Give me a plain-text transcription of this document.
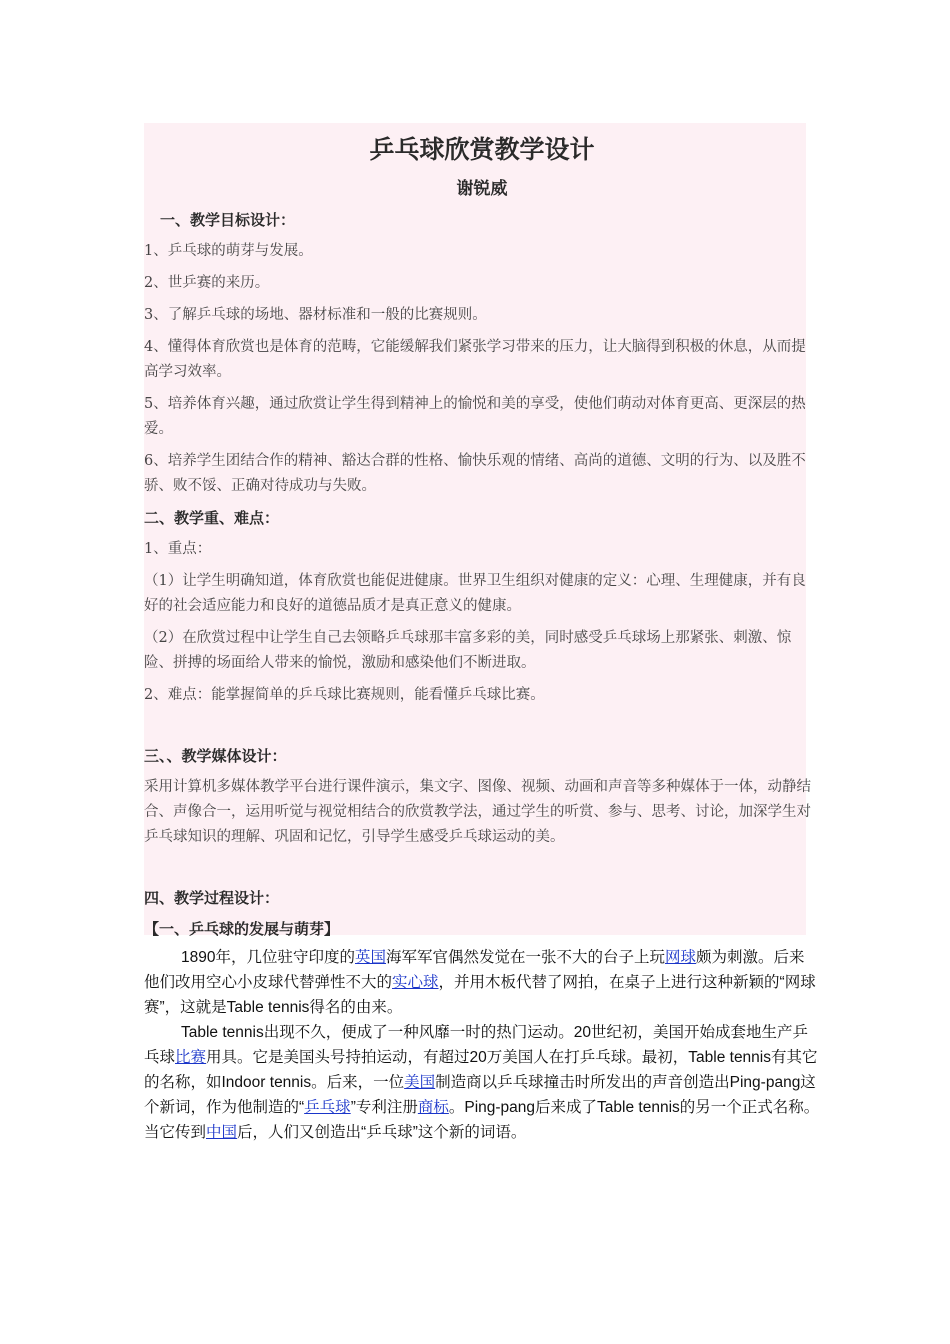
乒乓球欣赏教学设计
谢锐威
一、教学目标设计：
1、乒乓球的萌芽与发展。
2、世乒赛的来历。
3、了解乒乓球的场地、器材标准和一般的比赛规则。
4、懂得体育欣赏也是体育的范畴，它能缓解我们紧张学习带来的压力，让大脑得到积极的休息，从而提高学习效率。
5、培养体育兴趣，通过欣赏让学生得到精神上的愉悦和美的享受，使他们萌动对体育更高、更深层的热爱。
6、培养学生团结合作的精神、豁达合群的性格、愉快乐观的情绪、高尚的道德、文明的行为、以及胜不骄、败不馁、正确对待成功与失败。
二、教学重、难点：
1、重点：
（1）让学生明确知道，体育欣赏也能促进健康。世界卫生组织对健康的定义：心理、生理健康，并有良好的社会适应能力和良好的道德品质才是真正意义的健康。
（2）在欣赏过程中让学生自己去领略乒乓球那丰富多彩的美，同时感受乒乓球场上那紧张、刺激、惊险、拼搏的场面给人带来的愉悦，激励和感染他们不断进取。
2、难点：能掌握简单的乒乓球比赛规则，能看懂乒乓球比赛。
三、、教学媒体设计：
采用计算机多媒体教学平台进行课件演示，集文字、图像、视频、动画和声音等多种媒体于一体，动静结合、声像合一，运用听觉与视觉相结合的欣赏教学法，通过学生的听赏、参与、思考、讨论，加深学生对乒乓球知识的理解、巩固和记忆，引导学生感受乒乓球运动的美。
四、教学过程设计：
【一、乒乓球的发展与萌芽】
1890年，几位驻守印度的英国海军军官偶然发觉在一张不大的台子上玩网球颇为刺激。后来他们改用空心小皮球代替弹性不大的实心球，并用木板代替了网拍，在桌子上进行这种新颖的“网球赛”，这就是Table tennis得名的由来。
Table tennis出现不久，便成了一种风靡一时的热门运动。20世纪初，美国开始成套地生产乒乓球比赛用具。它是美国头号持拍运动，有超过20万美国人在打乒乓球。最初，Table tennis有其它的名称，如Indoor tennis。后来，一位美国制造商以乒乓球撞击时所发出的声音创造出Ping-pang这个新词，作为他制造的“乒乓球”专利注册商标。Ping-pang后来成了Table tennis的另一个正式名称。当它传到中国后，人们又创造出“乒乓球”这个新的词语。
